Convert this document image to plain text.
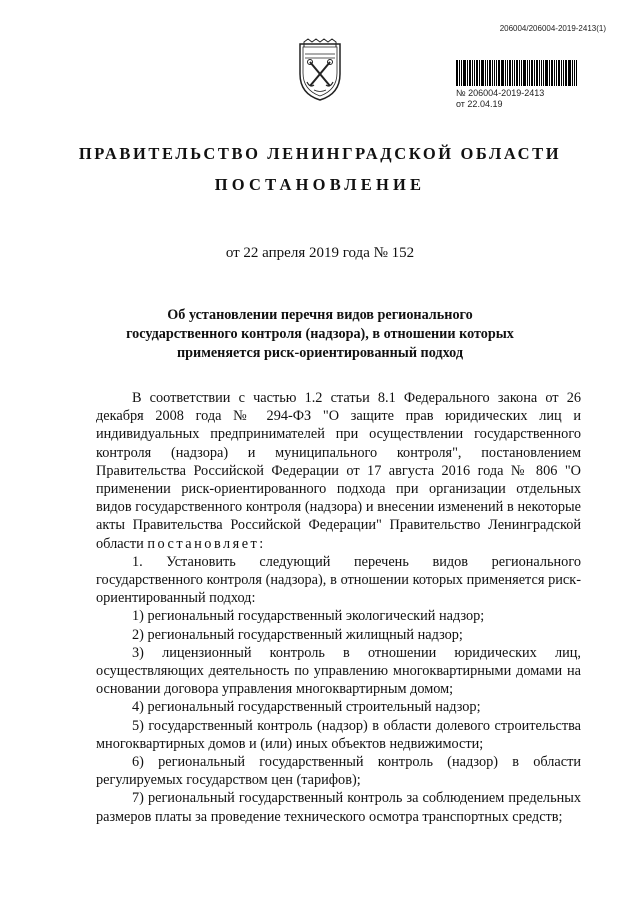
206004/206004-2019-2413(1)
№ 206004-2019-2413
от 22.04.19
ПРАВИТЕЛЬСТВО ЛЕНИНГРАДСКОЙ ОБЛАСТИ
ПОСТАНОВЛЕНИЕ
от 22 апреля 2019 года № 152
Об установлении перечня видов регионального
государственного контроля (надзора), в отношении которых
применяется риск-ориентированный подход

В соответствии с частью 1.2 статьи 8.1 Федерального закона от 26 декабря 2008 года № 294-ФЗ "О защите прав юридических лиц и индивидуальных предпринимателей при осуществлении государственного контроля (надзора) и муниципального контроля", постановлением Правительства Российской Федерации от 17 августа 2016 года № 806 "О применении риск-ориентированного подхода при организации отдельных видов государственного контроля (надзора) и внесении изменений в некоторые акты Правительства Российской Федерации" Правительство Ленинградской области постановляет:

1. Установить следующий перечень видов регионального государственного контроля (надзора), в отношении которых применяется риск-ориентированный подход:

1) региональный государственный экологический надзор;

2) региональный государственный жилищный надзор;

3) лицензионный контроль в отношении юридических лиц, осуществляющих деятельность по управлению многоквартирными домами на основании договора управления многоквартирным домом;

4) региональный государственный строительный надзор;

5) государственный контроль (надзор) в области долевого строительства многоквартирных домов и (или) иных объектов недвижимости;

6) региональный государственный контроль (надзор) в области регулируемых государством цен (тарифов);

7) региональный государственный контроль за соблюдением предельных размеров платы за проведение технического осмотра транспортных средств;
